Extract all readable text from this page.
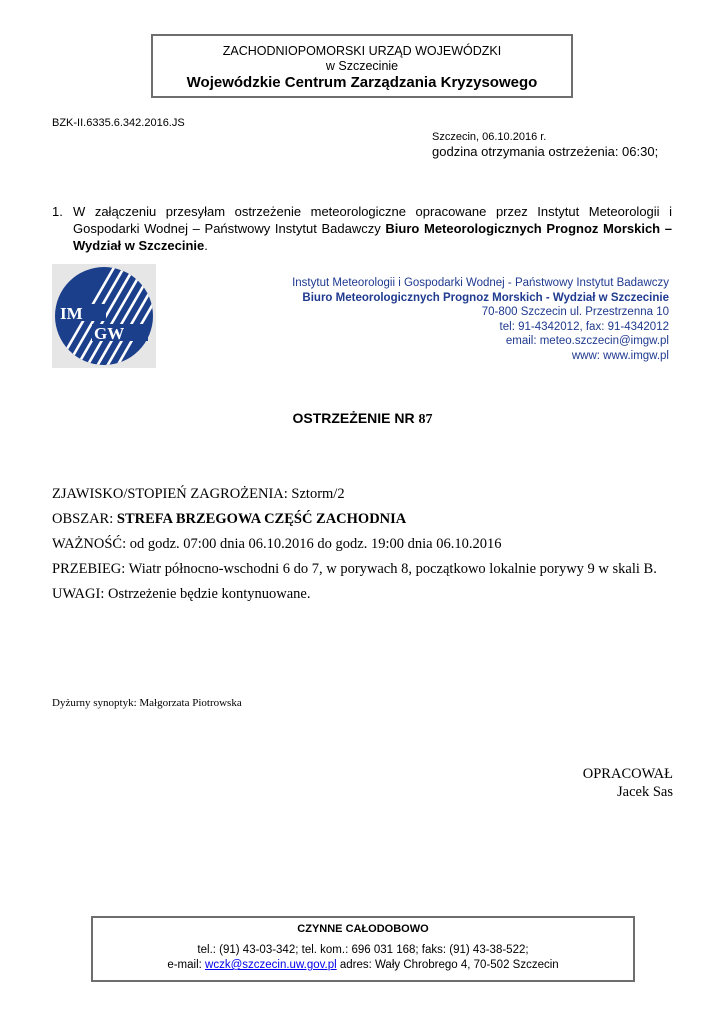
ZACHODNIOPOMORSKI URZĄD WOJEWÓDZKI
w Szczecinie
Wojewódzkie Centrum Zarządzania Kryzysowego
BZK-II.6335.6.342.2016.JS
Szczecin, 06.10.2016 r.
godzina otrzymania ostrzeżenia: 06:30;
1. W załączeniu przesyłam ostrzeżenie meteorologiczne opracowane przez Instytut Meteorologii i Gospodarki Wodnej – Państwowy Instytut Badawczy Biuro Meteorologicznych Prognoz Morskich – Wydział w Szczecinie.
IM
GW
Instytut Meteorologii i Gospodarki Wodnej - Państwowy Instytut Badawczy
Biuro Meteorologicznych Prognoz Morskich - Wydział w Szczecinie
70-800 Szczecin ul. Przestrzenna 10
tel: 91-4342012, fax: 91-4342012
email: meteo.szczecin@imgw.pl
www: www.imgw.pl
OSTRZEŻENIE NR 87
ZJAWISKO/STOPIEŃ ZAGROŻENIA: Sztorm/2
OBSZAR: STREFA BRZEGOWA CZĘŚĆ ZACHODNIA
WAŻNOŚĆ: od godz. 07:00 dnia 06.10.2016 do godz. 19:00 dnia 06.10.2016
PRZEBIEG: Wiatr północno-wschodni 6 do 7, w porywach 8, początkowo lokalnie porywy 9 w skali B.
UWAGI: Ostrzeżenie będzie kontynuowane.
Dyżurny synoptyk: Małgorzata Piotrowska
OPRACOWAŁ
Jacek Sas
CZYNNE CAŁODOBOWO
tel.: (91) 43-03-342; tel. kom.: 696 031 168; faks: (91) 43-38-522;
e-mail: wczk@szczecin.uw.gov.pl adres: Wały Chrobrego 4, 70-502 Szczecin
